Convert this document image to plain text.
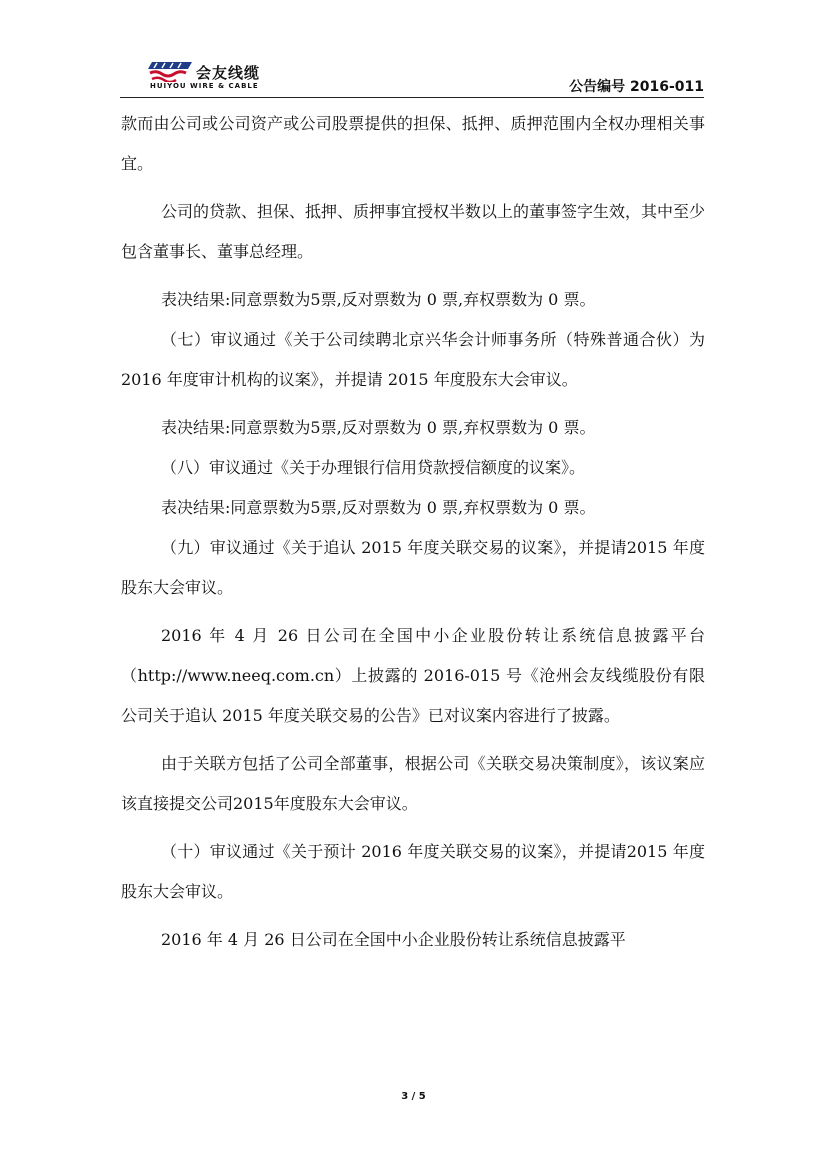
会友线缆
HUIYOU WIRE & CABLE	公告编号 2016-011

款而由公司或公司资产或公司股票提供的担保、抵押、质押范围内全权办理相关事宜。

公司的贷款、担保、抵押、质押事宜授权半数以上的董事签字生效，其中至少包含董事长、董事总经理。

表决结果:同意票数为5票,反对票数为 0 票,弃权票数为 0 票。

（七）审议通过《关于公司续聘北京兴华会计师事务所（特殊普通合伙）为 2016 年度审计机构的议案》，并提请 2015 年度股东大会审议。

表决结果:同意票数为5票,反对票数为 0 票,弃权票数为 0 票。

（八）审议通过《关于办理银行信用贷款授信额度的议案》。

表决结果:同意票数为5票,反对票数为 0 票,弃权票数为 0 票。

（九）审议通过《关于追认 2015 年度关联交易的议案》，并提请2015 年度股东大会审议。

2016 年 4 月 26 日公司在全国中小企业股份转让系统信息披露平台（http://www.neeq.com.cn）上披露的 2016-015 号《沧州会友线缆股份有限公司关于追认 2015 年度关联交易的公告》已对议案内容进行了披露。

由于关联方包括了公司全部董事，根据公司《关联交易决策制度》，该议案应该直接提交公司2015年度股东大会审议。

（十）审议通过《关于预计 2016 年度关联交易的议案》，并提请2015 年度股东大会审议。

2016 年 4 月 26 日公司在全国中小企业股份转让系统信息披露平

3 / 5
